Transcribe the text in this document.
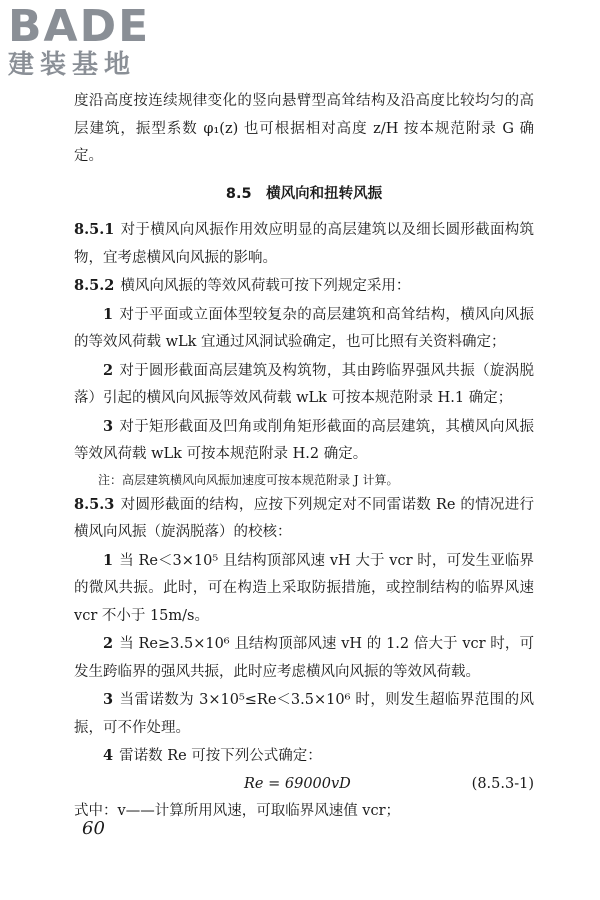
BADE
建装基地

度沿高度按连续规律变化的竖向悬臂型高耸结构及沿高度比较均匀的高层建筑，振型系数 φ₁(z) 也可根据相对高度 z/H 按本规范附录 G 确定。

8.5　横风向和扭转风振

8.5.1 对于横风向风振作用效应明显的高层建筑以及细长圆形截面构筑物，宜考虑横风向风振的影响。

8.5.2 横风向风振的等效风荷载可按下列规定采用：

1 对于平面或立面体型较复杂的高层建筑和高耸结构，横风向风振的等效风荷载 wLk 宜通过风洞试验确定，也可比照有关资料确定；

2 对于圆形截面高层建筑及构筑物，其由跨临界强风共振（旋涡脱落）引起的横风向风振等效风荷载 wLk 可按本规范附录 H.1 确定；

3 对于矩形截面及凹角或削角矩形截面的高层建筑，其横风向风振等效风荷载 wLk 可按本规范附录 H.2 确定。

注：高层建筑横风向风振加速度可按本规范附录 J 计算。

8.5.3 对圆形截面的结构，应按下列规定对不同雷诺数 Re 的情况进行横风向风振（旋涡脱落）的校核：

1 当 Re＜3×10⁵ 且结构顶部风速 vH 大于 vcr 时，可发生亚临界的微风共振。此时，可在构造上采取防振措施，或控制结构的临界风速 vcr 不小于 15m/s。

2 当 Re≥3.5×10⁶ 且结构顶部风速 vH 的 1.2 倍大于 vcr 时，可发生跨临界的强风共振，此时应考虑横风向风振的等效风荷载。

3 当雷诺数为 3×10⁵≤Re＜3.5×10⁶ 时，则发生超临界范围的风振，可不作处理。

4 雷诺数 Re 可按下列公式确定：

Re = 69000vD	(8.5.3-1)

式中：v——计算所用风速，可取临界风速值 vcr；

60
